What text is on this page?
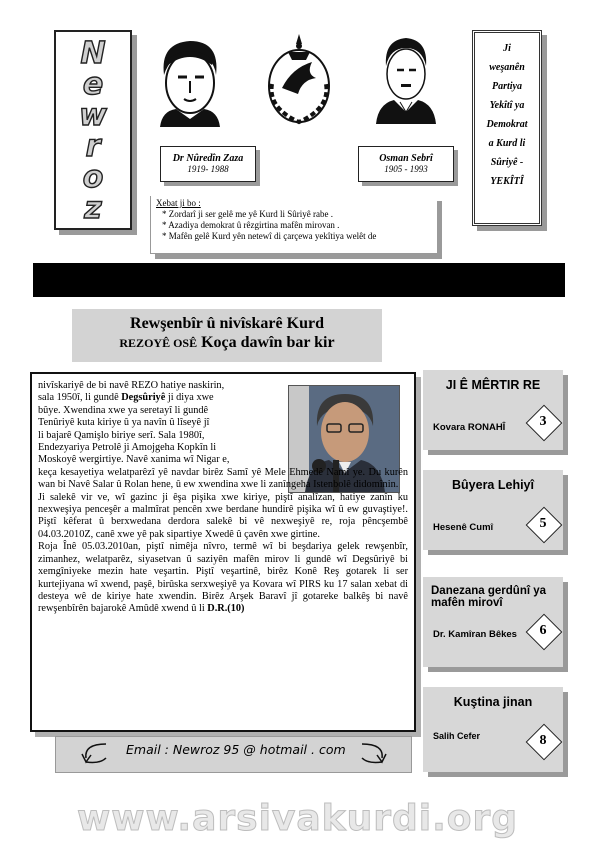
N
e
w
r
o
z
Ji
weşanên
Partiya
Yekîtî ya
Demokrat
a Kurd li
Sûriyê -
YEKÎTÎ
Dr Nûredîn Zaza
1919- 1988
Osman Sebrî
1905 - 1993
Xebat ji bo :
* Zordarî ji ser gelê me yê Kurd li Sûriyê rabe .
* Azadiya demokrat û rêzgirtina mafên mirovan .
* Mafên gelê Kurd yên netewî di çarçewa yekîtiya welêt de
Rewşenbîr û nivîskarê Kurd
REZOYÊ OSÊ Koça dawîn bar kir

nivîskariyê de bi navê REZO hatiye naskirin,

sala 1950î, li gundê Degsûriyê ji diya xwe

bûye. Xwendina xwe ya seretayî li gundê

Tenûriyê kuta kiriye û ya navîn û lîseyê jî

li bajarê Qamişlo biriye serî. Sala 1980î,

Endezyariya Petrolê ji Amojgeha Kopkîn li

Moskoyê wergirtiye. Navê xanima wî Nigar e,

keça kesayetiya welatparêzî yê navdar birêz Samî yê Mele Ehmedê Namî ye. Du kurên wan bi Navê Salar û Rolan hene, û ew xwendina xwe li zanîngeha Istenbolê didomînin.

Ji salekê vir ve, wî gazinc ji êşa pişika xwe kiriye, piştî analîzan, hatiye zanîn ku nexweşiya penceşêr a malmîrat pencên xwe berdane hundirê pişika wî û ew guvaştiye!. Piştî kêferat û berxwedana derdora salekê bi vê nexweşiyê re, roja pêncşembê 04.03.2010Z, canê xwe yê pak sipartiye Xwedê û çavên xwe girtine.

Roja Înê 05.03.2010an, piştî nimêja nîvro, termê wî bi beşdariya gelek rewşenbîr, zimanhez, welatparêz, siyasetvan û saziyên mafên mirov li gundê wî Degsûriyê bi xemgîniyeke mezin hate veşartin. Piştî veşartinê, birêz Konê Reş gotarek li ser kurtejiyana wî xwend, paşê, birûska serxweşiyê ya Kovara wî PIRS ku 17 salan xebat di desteya wê de kiriye hate xwendin. Birêz Arşek Baravî jî gotareke balkêş bi navê rewşenbîrên bajarokê Amûdê xwend û li D.R.(10)

Email : Newroz 95 @ hotmail . com
JI Ê MÊRTIR RE
Kovara RONAHÎ	3
Bûyera Lehiyî
Hesenê Cumî	5
Danezana gerdûnî ya mafên mirovî
Dr. Kamîran Bêkes	6
Kuştina jinan
Salih Cefer	8
www.arsivakurdi.org
